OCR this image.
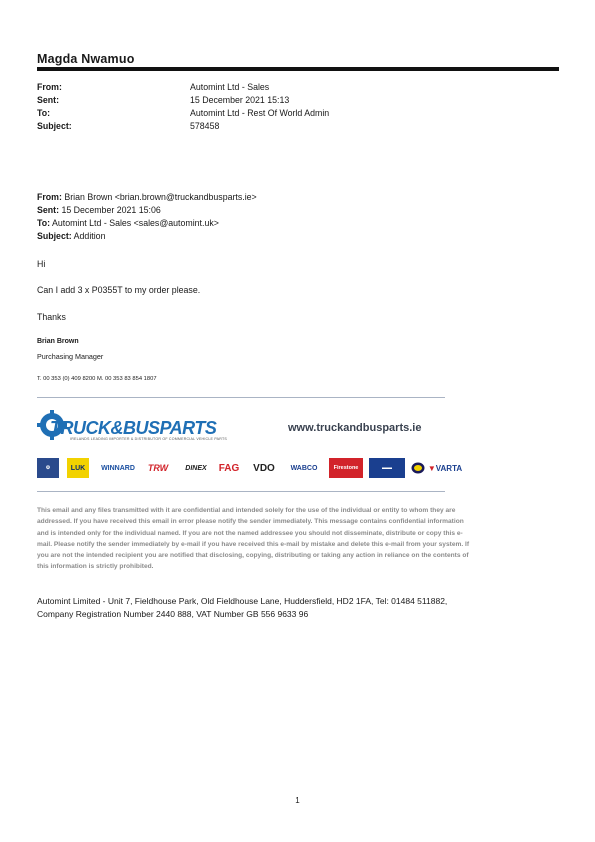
Magda Nwamuo
From:	Automint Ltd - Sales
Sent:	15 December 2021 15:13
To:	Automint Ltd - Rest Of World Admin
Subject:	578458
From: Brian Brown <brian.brown@truckandbusparts.ie>
Sent: 15 December 2021 15:06
To: Automint Ltd - Sales <sales@automint.uk>
Subject: Addition
Hi
Can I add 3 x P0355T to my order please.
Thanks
Brian Brown
Purchasing Manager
T. 00 353 (0) 409 8200 M. 00 353 83 854 1807
TRUCK&BUSPARTS
IRELANDS LEADING IMPORTER & DISTRIBUTOR OF COMMERCIAL VEHICLE PARTS
www.truckandbusparts.ie
⚙	LUK	WINNARD	TRW	DINEX	FAG	VDO	WABCO	Firestone	▬▬	▼ VARTA
This email and any files transmitted with it are confidential and intended solely for the use of the individual or entity to whom they are addressed. If you have received this email in error please notify the sender immediately. This message contains confidential information and is intended only for the individual named. If you are not the named addressee you should not disseminate, distribute or copy this e-mail. Please notify the sender immediately by e-mail if you have received this e-mail by mistake and delete this e-mail from your system. If you are not the intended recipient you are notified that disclosing, copying, distributing or taking any action in reliance on the contents of this information is strictly prohibited.
Automint Limited - Unit 7, Fieldhouse Park, Old Fieldhouse Lane, Huddersfield, HD2 1FA, Tel: 01484 511882, Company Registration Number 2440 888, VAT Number GB 556 9633 96
1
